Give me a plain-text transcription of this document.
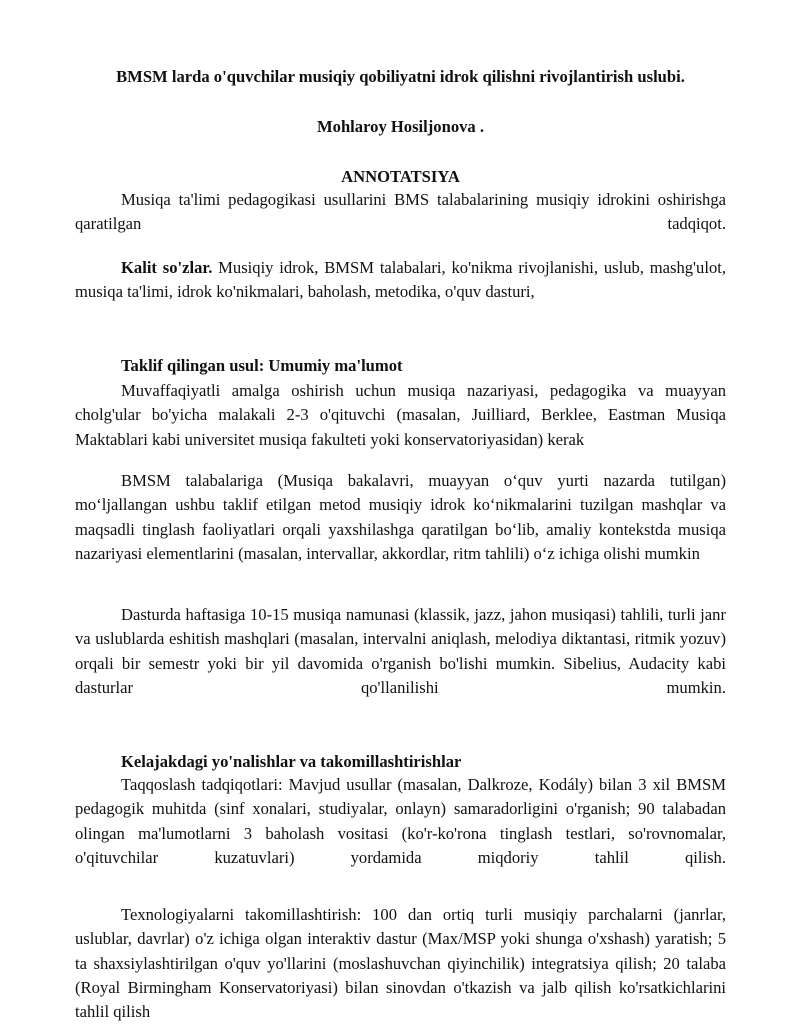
BMSM larda o'quvchilar musiqiy qobiliyatni idrok qilishni rivojlantirish uslubi.
Mohlaroy Hosiljonova .
ANNOTATSIYA

Musiqa ta'limi pedagogikasi usullarini BMS talabalarining musiqiy idrokini oshirishga qaratilgan tadqiqot.

Kalit so'zlar. Musiqiy idrok, BMSM talabalari, ko'nikma rivojlanishi, uslub, mashg'ulot, musiqa ta'limi, idrok ko'nikmalari, baholash, metodika, o'quv dasturi,

Taklif qilingan usul: Umumiy ma'lumot

Muvaffaqiyatli amalga oshirish uchun musiqa nazariyasi, pedagogika va muayyan cholg'ular bo'yicha malakali 2-3 o'qituvchi (masalan, Juilliard, Berklee, Eastman Musiqa Maktablari kabi universitet musiqa fakulteti yoki konservatoriyasidan) kerak

BMSM talabalariga (Musiqa bakalavri, muayyan o‘quv yurti nazarda tutilgan) mo‘ljallangan ushbu taklif etilgan metod musiqiy idrok ko‘nikmalarini tuzilgan mashqlar va maqsadli tinglash faoliyatlari orqali yaxshilashga qaratilgan bo‘lib, amaliy kontekstda musiqa nazariyasi elementlarini (masalan, intervallar, akkordlar, ritm tahlili) o‘z ichiga olishi mumkin

Dasturda haftasiga 10-15 musiqa namunasi (klassik, jazz, jahon musiqasi) tahlili, turli janr va uslublarda eshitish mashqlari (masalan, intervalni aniqlash, melodiya diktantasi, ritmik yozuv) orqali bir semestr yoki bir yil davomida o'rganish bo'lishi mumkin. Sibelius, Audacity kabi dasturlar qo'llanilishi mumkin.

Kelajakdagi yo'nalishlar va takomillashtirishlar

Taqqoslash tadqiqotlari: Mavjud usullar (masalan, Dalkroze, Kodály) bilan 3 xil BMSM pedagogik muhitda (sinf xonalari, studiyalar, onlayn) samaradorligini o'rganish; 90 talabadan olingan ma'lumotlarni 3 baholash vositasi (ko'r-ko'rona tinglash testlari, so'rovnomalar, o'qituvchilar kuzatuvlari) yordamida miqdoriy tahlil qilish.

Texnologiyalarni takomillashtirish: 100 dan ortiq turli musiqiy parchalarni (janrlar, uslublar, davrlar) o'z ichiga olgan interaktiv dastur (Max/MSP yoki shunga o'xshash) yaratish; 5 ta shaxsiylashtirilgan o'quv yo'llarini (moslashuvchan qiyinchilik) integratsiya qilish; 20 talaba (Royal Birmingham Konservatoriyasi) bilan sinovdan o'tkazish va jalb qilish ko'rsatkichlarini tahlil qilish
